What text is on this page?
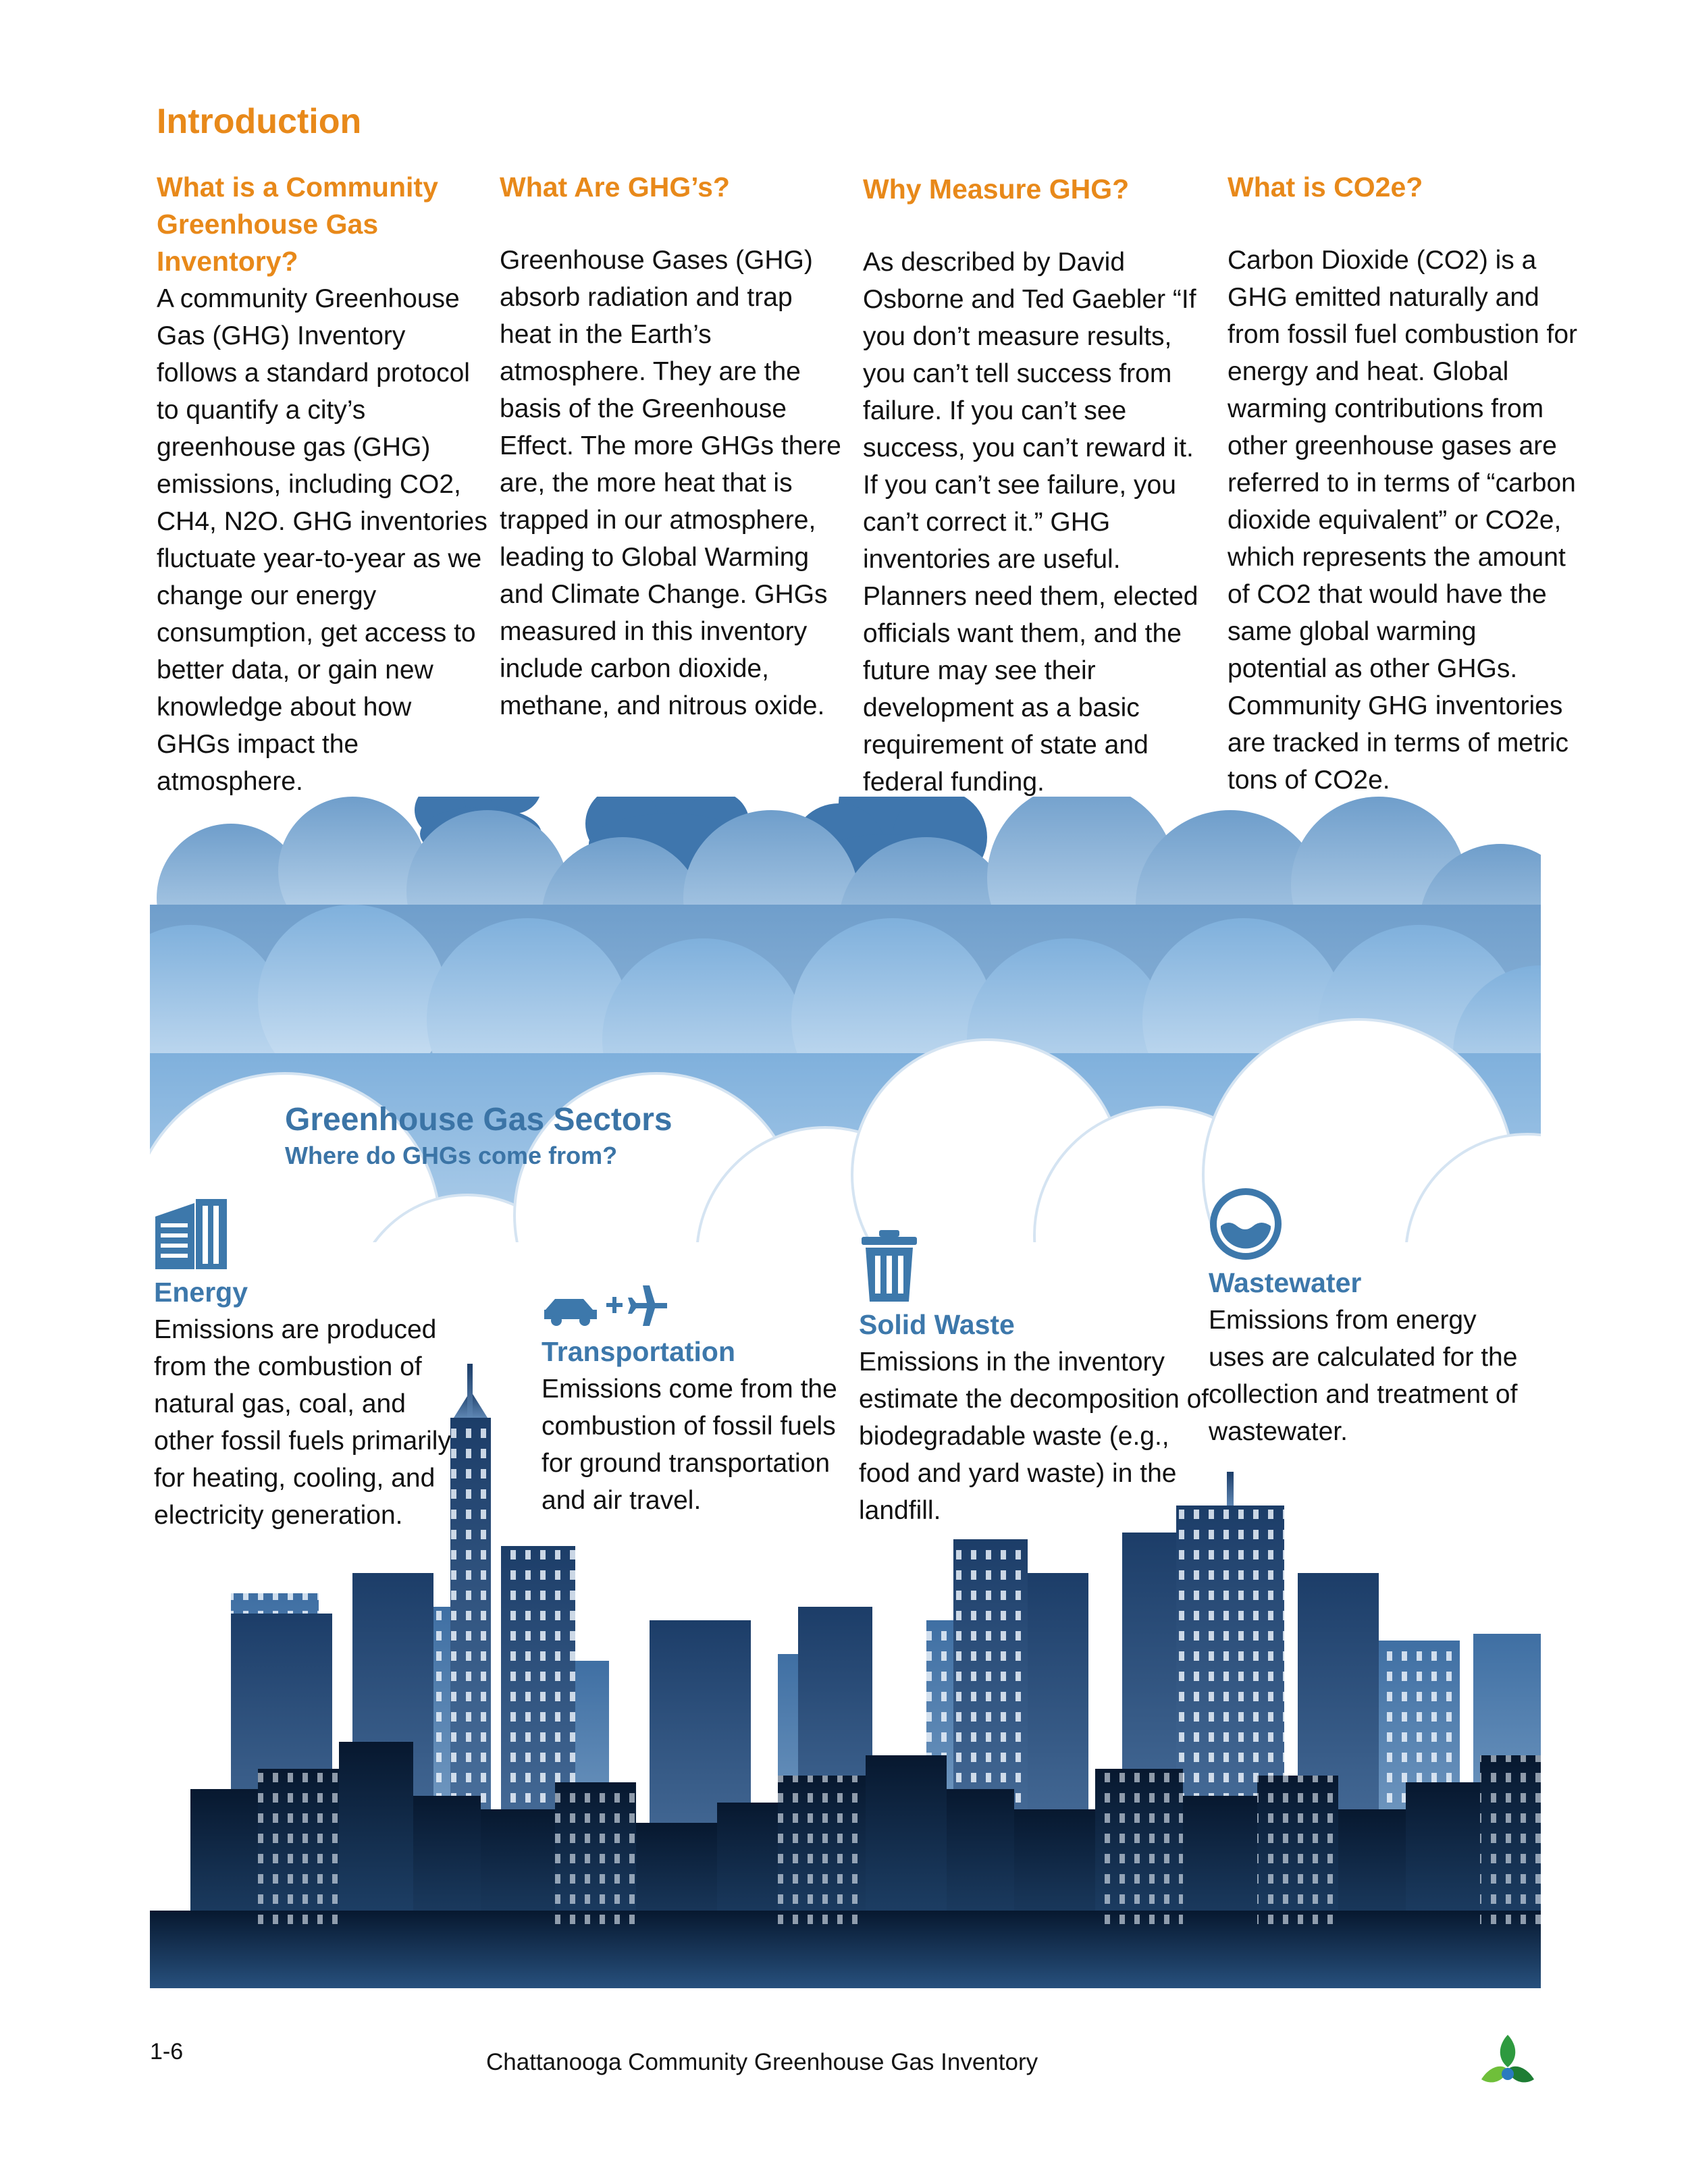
Introduction
What is a Community Greenhouse Gas Inventory?

A community Greenhouse Gas (GHG) Inventory follows a standard protocol to quantify a city’s greenhouse gas (GHG) emissions, including CO2, CH4, N2O. GHG inventories fluctuate year-to-year as we change our energy consumption, get access to better data, or gain new knowledge about how GHGs impact the atmosphere.

What Are GHG’s?

Greenhouse Gases (GHG) absorb radiation and trap heat in the Earth’s atmosphere. They are the basis of the Greenhouse Effect. The more GHGs there are, the more heat that is trapped in our atmosphere, leading to Global Warming and Climate Change. GHGs measured in this inventory include carbon dioxide, methane, and nitrous oxide.

Why Measure GHG?

As described by David Osborne and Ted Gaebler “If you don’t measure results, you can’t tell success from failure. If you can’t see success, you can’t reward it. If you can’t see failure, you can’t correct it.” GHG inventories are useful. Planners need them, elected officials want them, and the future may see their development as a basic requirement of state and federal funding.

What is CO2e?

Carbon Dioxide (CO2) is a GHG emitted naturally and from fossil fuel combustion for energy and heat. Global warming contributions from other greenhouse gases are referred to in terms of “carbon dioxide equivalent” or CO2e, which represents the amount of CO2 that would have the same global warming potential as other GHGs. Community GHG inventories are tracked in terms of metric tons of CO2e.

Greenhouse Gas Sectors
Where do GHGs come from?

Energy

Emissions are produced from the combustion of natural gas, coal, and other fossil fuels primarily for heating, cooling, and electricity generation.

Transportation

Emissions come from the combustion of fossil fuels for ground transportation and air travel.

Solid Waste

Emissions in the inventory estimate the decomposition of biodegradable waste (e.g., food and yard waste) in the landfill.

Wastewater

Emissions from energy uses are calculated for the collection and treatment of wastewater.

1-6	Chattanooga Community Greenhouse Gas Inventory
